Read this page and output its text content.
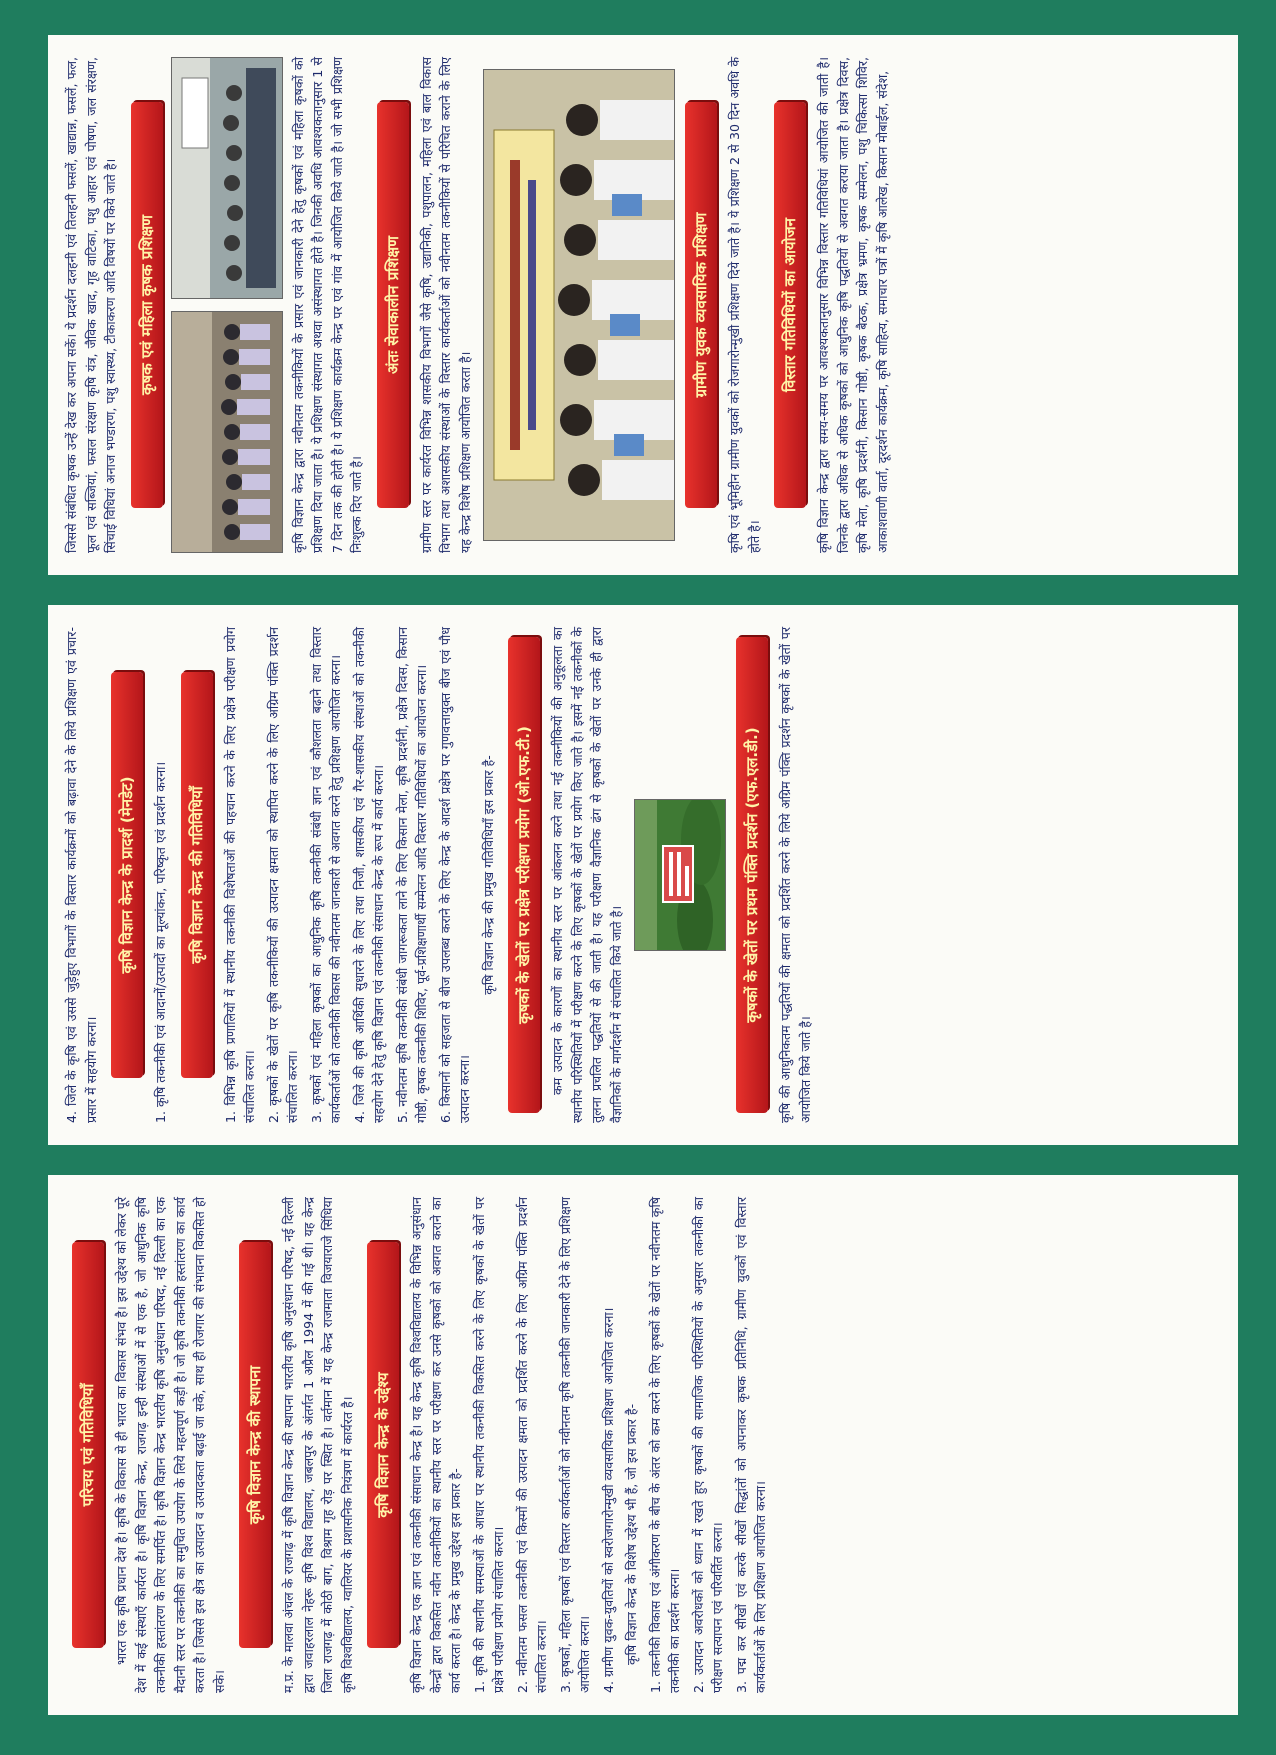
परिचय एवं गतिविधियाँ	भारत एक कृषि प्रधान देश है। कृषि के विकास से ही भारत का विकास संभव है। इस उद्देश्य को लेकर पूरे देश में कई संस्थाएँ कार्यरत है। कृषि विज्ञान केन्द्र, राजगढ़ इन्ही संस्थाओं में से एक है, जो आधुनिक कृषि तकनीकी हस्तांतरण के लिए समर्पित है। कृषि विज्ञान केन्द्र भारतीय कृषि अनुसंधान परिषद, नई दिल्ली का एक मैदानी स्तर पर तकनीकी का समुचित उपयोग के लिये महत्वपूर्ण कड़ी है। जो कृषि तकनीकी हस्तांतरण का कार्य करता है। जिससे इस क्षेत्र का उत्पादन व उत्पादकता बढ़ाई जा सके, साथ ही रोजगार की संभावना विकसित हो सके।

कृषि विज्ञान केन्द्र की स्थापना	म.प्र. के मालवा अंचल के राजगढ़ में कृषि विज्ञान केन्द्र की स्थापना भारतीय कृषि अनुसंधान परिषद, नई दिल्ली द्वारा जवाहरलाल नेहरू कृषि विश्व विद्यालय, जबलपुर के अंतर्गत 1 अप्रैल 1994 में की गई थी। यह केन्द्र जिला राजगढ़ में कोठी बाग, विश्राम गृह रोड़ पर स्थित है। वर्तमान में यह केन्द्र राजमाता विजयाराजे सिंधिया कृषि विश्वविद्यालय, ग्वालियर के प्रशासनिक नियंत्रण में कार्यरत है।	कृषि विज्ञान केन्द्र के उद्देश्य	कृषि विज्ञान केन्द्र एक ज्ञान एवं तकनीकी संसाधान केन्द्र है। यह केन्द्र कृषि विश्वविद्यालय के विभिन्न अनुसंधान केन्द्रों द्वारा विकसित नवीन तकनीकियों का स्थानीय स्तर पर परीक्षण कर उनसे कृषकों को अवगत कराने का कार्य करता है। केन्द्र के प्रमुख उद्देश्य इस प्रकार है- 1. कृषि की स्थानीय समस्याओं के आधार पर स्थानीय तकनीकी विकसित करने के लिए कृषकों के खेतों पर प्रक्षेत्र परीक्षण प्रयोग संचालित करना। 2. नवीनतम फसल तकनीकी एवं किस्मों की उत्पादन क्षमता को प्रदर्शित करने के लिए अग्रिम पंक्ति प्रदर्शन संचालित करना। 3. कृषकों, महिला कृषकों एवं विस्तार कार्यकर्ताओं को नवीनतम कृषि तकनीकी जानकारी देने के लिए प्रशिक्षण आयोजित करना। 4. ग्रामीण युवक-युवतियों को स्वरोजगारोन्मुखी व्यवसायिक प्रशिक्षण आयोजित करना। कृषि विज्ञान केन्द्र के विशेष उद्देश्य भी हैं, जो इस प्रकार है- 1. तकनीकी विकास एवं अंगीकरण के बीच के अंतर को कम करने के लिए कृषकों के खेतों पर नवीनतम कृषि तकनीकी का प्रदर्शन करना। 2. उत्पादन अवरोधकों को ध्यान में रखते हुए कृषकों की सामाजिक परिस्थितियों के अनुसार तकनीकी का परीक्षण सत्यापन एवं परिवर्तित करना। 3. पद्म कर सीखों एवं करके सीखों सिद्धांतों को अपनाकर कृषक प्रतिनिधि, ग्रामीण युवकों एवं विस्तार कार्यकर्ताओं के लिए प्रशिक्षण आयोजित करना।

4. जिले के कृषि एवं उससे जुड़ेहुए विभागों के विस्तार कार्यक्रमों को बढ़ावा देने के लिये प्रशिक्षण एवं प्रचार-प्रसार में सहयोग करना।

कृषि विज्ञान केन्द्र के प्रादर्श (मेनडेट)	1. कृषि तकनीकी एवं आदानों/उत्पादों का मूल्यांकन, परिष्कृत एवं प्रदर्शन करना।	कृषि विज्ञान केन्द्र की गतिविधियाँ	1. विभिन्न कृषि प्रणालियों में स्थानीय तकनीकी विशेषताओं की पहचान करने के लिए प्रक्षेत्र परीक्षण प्रयोग संचालित करना। 2. कृषकों के खेतों पर कृषि तकनीकियों की उत्पादन क्षमता को स्थापित करने के लिए अग्रिम पंक्ति प्रदर्शन संचालित करना। 3. कृषकों एवं महिला कृषकों का आधुनिक कृषि तकनीकी संबंधी ज्ञान एवं कौशलता बढ़ाने तथा विस्तार कार्यकर्ताओं को तकनीकी विकास की नवीनतम जानकारी से अवगत करने हेतु प्रशिक्षण आयोजित करना। 4. जिले की कृषि आर्थिकी सुधारने के लिए तथा निजी, शासकीय एवं गैर-शासकीय संस्थाओं को तकनीकी सहयोग देने हेतु कृषि विज्ञान एवं तकनीकी संसाधान केन्द्र के रूप में कार्य करना। 5. नवीनतम कृषि तकनीकी संबंधी जागरूकता लाने के लिए किसान मेला, कृषि प्रदर्शनी, प्रक्षेत्र दिवस, किसान गोष्ठी, कृषक तकनीकी शिविर, पूर्व-प्रशिक्षणार्थी सम्मेलन आदि विस्तार गतिविधियों का आयोजन करना। 6. किसानों को सहजता से बीज उपलब्ध कराने के लिए केन्द्र के आदर्श प्रक्षेत्र पर गुणवत्तायुक्त बीज एवं पौध उत्पादन करना।

कृषि विज्ञान केन्द्र की प्रमुख गतिविधियाँ इस प्रकार है-	कृषकों के खेतों पर प्रक्षेत्र परीक्षण प्रयोग (ओ.एफ.टी.)	कम उत्पादन के कारणों का स्थानीय स्तर पर आंकलन करने तथा नई तकनीकियों की अनुकूलता का स्थानीय परिस्थितियों में परीक्षण करने के लिए कृषकों के खेतों पर प्रयोग किए जाते है। इसमें नई तकनीकों के तुलना प्रचलित पद्धतियों से की जाती है। यह परीक्षण वैज्ञानिक ढंग से कृषकों के खेतों पर उनके ही द्वारा वैज्ञानिकों के मार्गदर्शन में संचालित किये जाते है।	कृषकों के खेतों पर प्रथम पंक्ति प्रदर्शन (एफ.एल.डी.)	कृषि की आधुनिकतम पद्धतियों की क्षमता को प्रदर्शित करने के लिये अग्रिम पंक्ति प्रदर्शन कृषकों के खेतों पर आयोजित किये जाते है।

जिससे संबंधित कृषक उन्हें देख कर अपना सकें। ये प्रदर्शन दलहनी एवं तिलहनी फसलें, खाद्यान्न, फसलें, फल, फूल एवं सब्जियां, फसल संरक्षण कृषि यंत्र, जैविक खाद, गृह वाटिका, पशु आहार एवं पोषण, जल संरक्षण, सिंचाई विधियां अनाज भण्डारण, पशु स्वास्थ्य, टीकाकरण आदि विषयों पर किये जाते है।	कृषक एवं महिला कृषक प्रशिक्षण	कृषि विज्ञान केन्द्र द्वारा नवीनतम तकनीकियों के प्रसार एवं जानकारी देने हेतु कृषकों एवं महिला कृषकों को प्रशिक्षण दिया जाता है। ये प्रशिक्षण संस्थागत अथवा असंस्थागत होते है। जिनकी अवधि आवश्यकतानुसार 1 से 7 दिन तक की होती है। ये प्रशिक्षण कार्यक्रम केन्द्र पर एवं गांव में आयोजित किये जाते है। जो सभी प्रशिक्षण निःशुल्क दिए जाते है।

अंतः सेवाकालीन प्रशिक्षण	ग्रामीण स्तर पर कार्यरत विभिन्न शासकीय विभागों जैसे कृषि, उद्यानिकी, पशुपालन, महिला एवं बाल विकास विभाग तथा अशासकीय संस्थाओं के विस्तार कार्यकर्ताओं को नवीनतम तकनीकियों से परिचित कराने के लिए यह केन्द्र विशेष प्रशिक्षण आयोजित करता है।

ग्रामीण युवक व्यवसायिक प्रशिक्षण	कृषि एवं भूमिहीन ग्रामीण युवकों को रोजगारोन्मुखी प्रशिक्षण दिये जाते है। ये प्रशिक्षण 2 से 30 दिन अवधि के होते है।

विस्तार गतिविधियों का आयोजन	कृषि विज्ञान केन्द्र द्वारा समय-समय पर आवश्यकतानुसार विभिन्न विस्तार गतिविधियां आयोजित की जाती है। जिनके द्वारा अधिक से अधिक कृषकों को आधुनिक कृषि पद्धतियों से अवगत कराया जाता है। प्रक्षेत्र दिवस, कृषि मेला, कृषि प्रदर्शनी, किसान गोष्ठी, कृषक बैठक, प्रक्षेत्र भ्रमण, कृषक सम्मेलन, पशु चिकित्सा शिविर, आकाशवाणी वार्ता, दूरदर्शन कार्यक्रम, कृषि साहित्य, समाचार पत्रों में कृषि आलेख, किसान मोबाईल, संदेश,
